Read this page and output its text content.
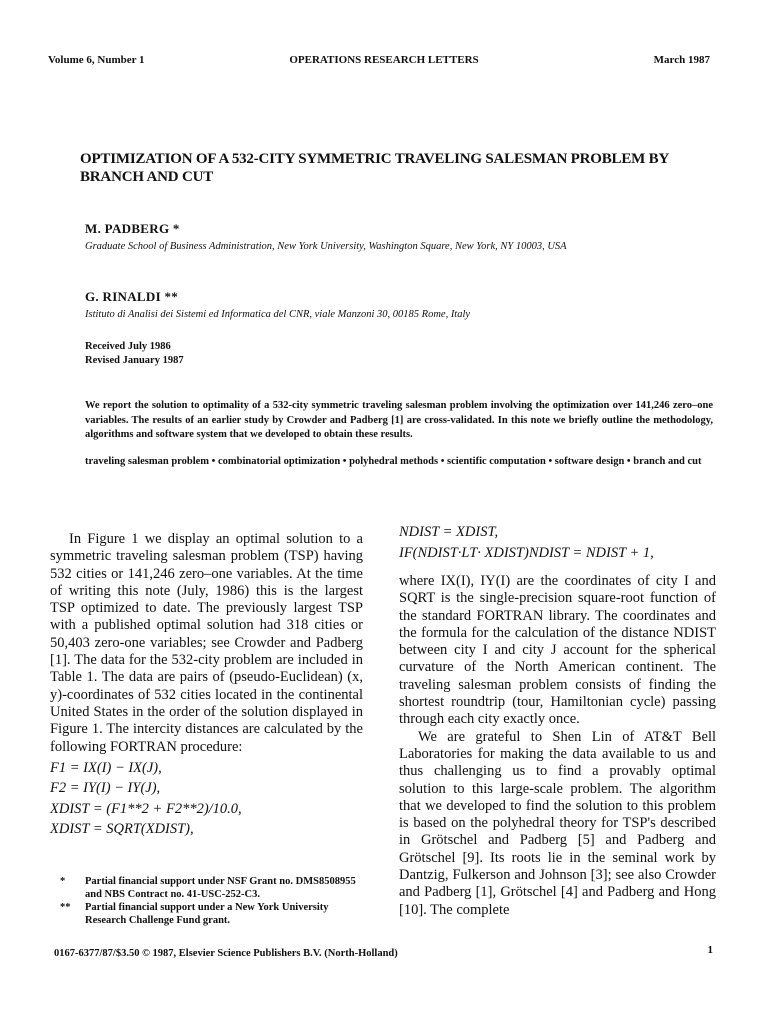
Volume 6, Number 1	OPERATIONS RESEARCH LETTERS	March 1987
OPTIMIZATION OF A 532-CITY SYMMETRIC TRAVELING SALESMAN PROBLEM BY BRANCH AND CUT
M. PADBERG *
Graduate School of Business Administration, New York University, Washington Square, New York, NY 10003, USA
G. RINALDI **
Istituto di Analisi dei Sistemi ed Informatica del CNR, viale Manzoni 30, 00185 Rome, Italy
Received July 1986
Revised January 1987
We report the solution to optimality of a 532-city symmetric traveling salesman problem involving the optimization over 141,246 zero–one variables. The results of an earlier study by Crowder and Padberg [1] are cross-validated. In this note we briefly outline the methodology, algorithms and software system that we developed to obtain these results.
traveling salesman problem • combinatorial optimization • polyhedral methods • scientific computation • software design • branch and cut

In Figure 1 we display an optimal solution to a symmetric traveling salesman problem (TSP) having 532 cities or 141,246 zero–one variables. At the time of writing this note (July, 1986) this is the largest TSP optimized to date. The previously largest TSP with a published optimal solution had 318 cities or 50,403 zero-one variables; see Crowder and Padberg [1]. The data for the 532-city problem are included in Table 1. The data are pairs of (pseudo-Euclidean) (x, y)-coordinates of 532 cities located in the continental United States in the order of the solution displayed in Figure 1. The intercity distances are calculated by the following FORTRAN procedure:

F1 = IX(I) − IX(J),

F2 = IY(I) − IY(J),

XDIST = (F1**2 + F2**2)/10.0,

XDIST = SQRT(XDIST),

NDIST = XDIST,

IF(NDIST·LT· XDIST)NDIST = NDIST + 1,

where IX(I), IY(I) are the coordinates of city I and SQRT is the single-precision square-root function of the standard FORTRAN library. The coordinates and the formula for the calculation of the distance NDIST between city I and city J account for the spherical curvature of the North American continent. The traveling salesman problem consists of finding the shortest roundtrip (tour, Hamiltonian cycle) passing through each city exactly once.

We are grateful to Shen Lin of AT&T Bell Laboratories for making the data available to us and thus challenging us to find a provably optimal solution to this large-scale problem. The algorithm that we developed to find the solution to this problem is based on the polyhedral theory for TSP's described in Grötschel and Padberg [5] and Padberg and Grötschel [9]. Its roots lie in the seminal work by Dantzig, Fulkerson and Johnson [3]; see also Crowder and Padberg [1], Grötschel [4] and Padberg and Hong [10]. The complete

*	Partial financial support under NSF Grant no. DMS8508955 and NBS Contract no. 41-USC-252-C3.
**	Partial financial support under a New York University Research Challenge Fund grant.
0167-6377/87/$3.50 © 1987, Elsevier Science Publishers B.V. (North-Holland)	1
